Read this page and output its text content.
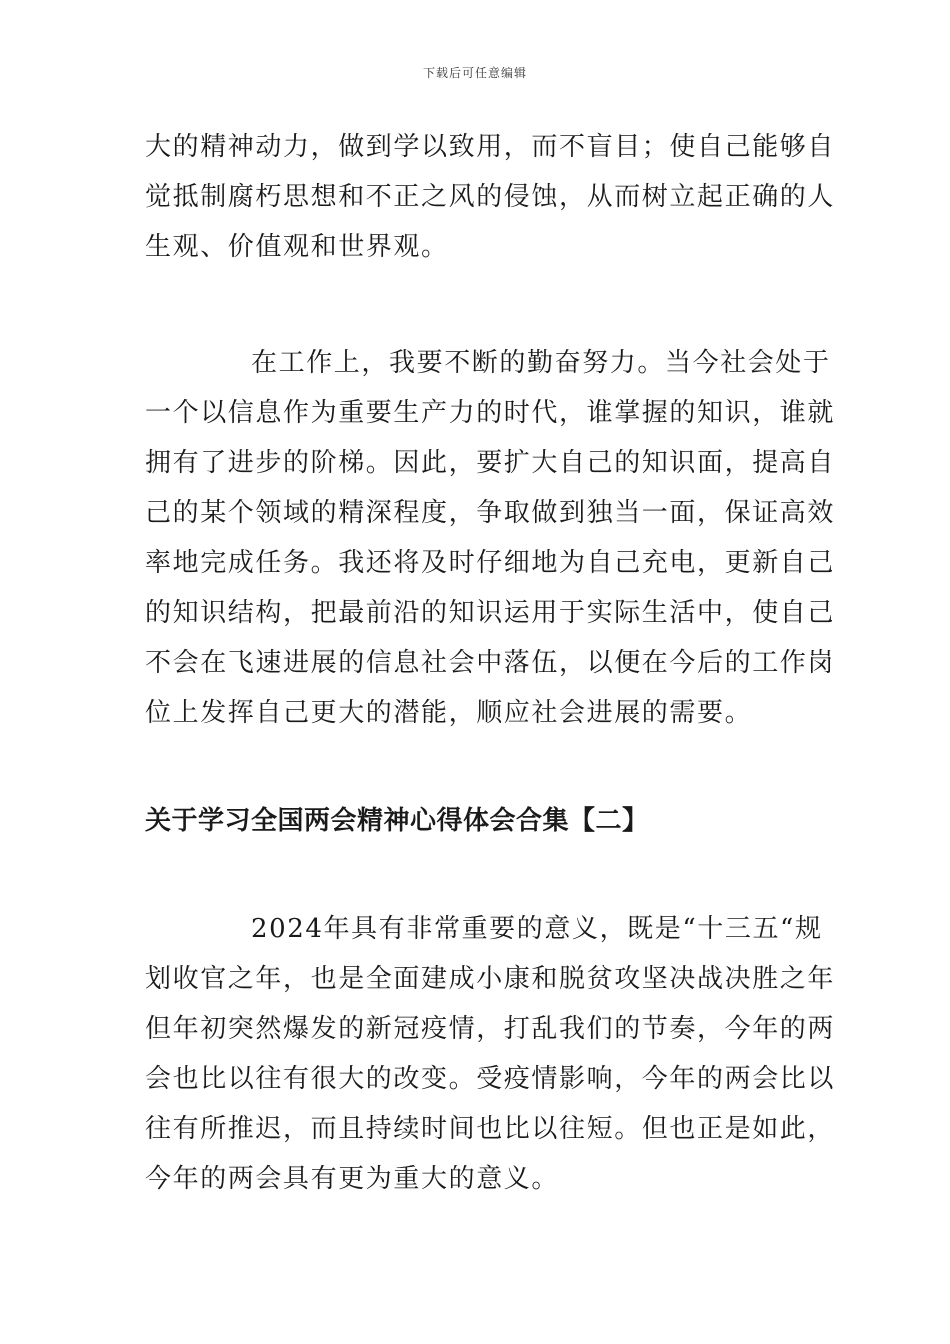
下载后可任意编辑

大的精神动力，做到学以致用，而不盲目；使自己能够自
觉抵制腐朽思想和不正之风的侵蚀，从而树立起正确的人
生观、价值观和世界观。

在工作上，我要不断的勤奋努力。当今社会处于
一个以信息作为重要生产力的时代，谁掌握的知识，谁就
拥有了进步的阶梯。因此，要扩大自己的知识面，提高自
己的某个领域的精深程度，争取做到独当一面，保证高效
率地完成任务。我还将及时仔细地为自己充电，更新自己
的知识结构，把最前沿的知识运用于实际生活中，使自己
不会在飞速进展的信息社会中落伍，以便在今后的工作岗
位上发挥自己更大的潜能，顺应社会进展的需要。

关于学习全国两会精神心得体会合集【二】

2024年具有非常重要的意义，既是“十三五“规
划收官之年，也是全面建成小康和脱贫攻坚决战决胜之年
但年初突然爆发的新冠疫情，打乱我们的节奏，今年的两
会也比以往有很大的改变。受疫情影响，今年的两会比以
往有所推迟，而且持续时间也比以往短。但也正是如此，
今年的两会具有更为重大的意义。
